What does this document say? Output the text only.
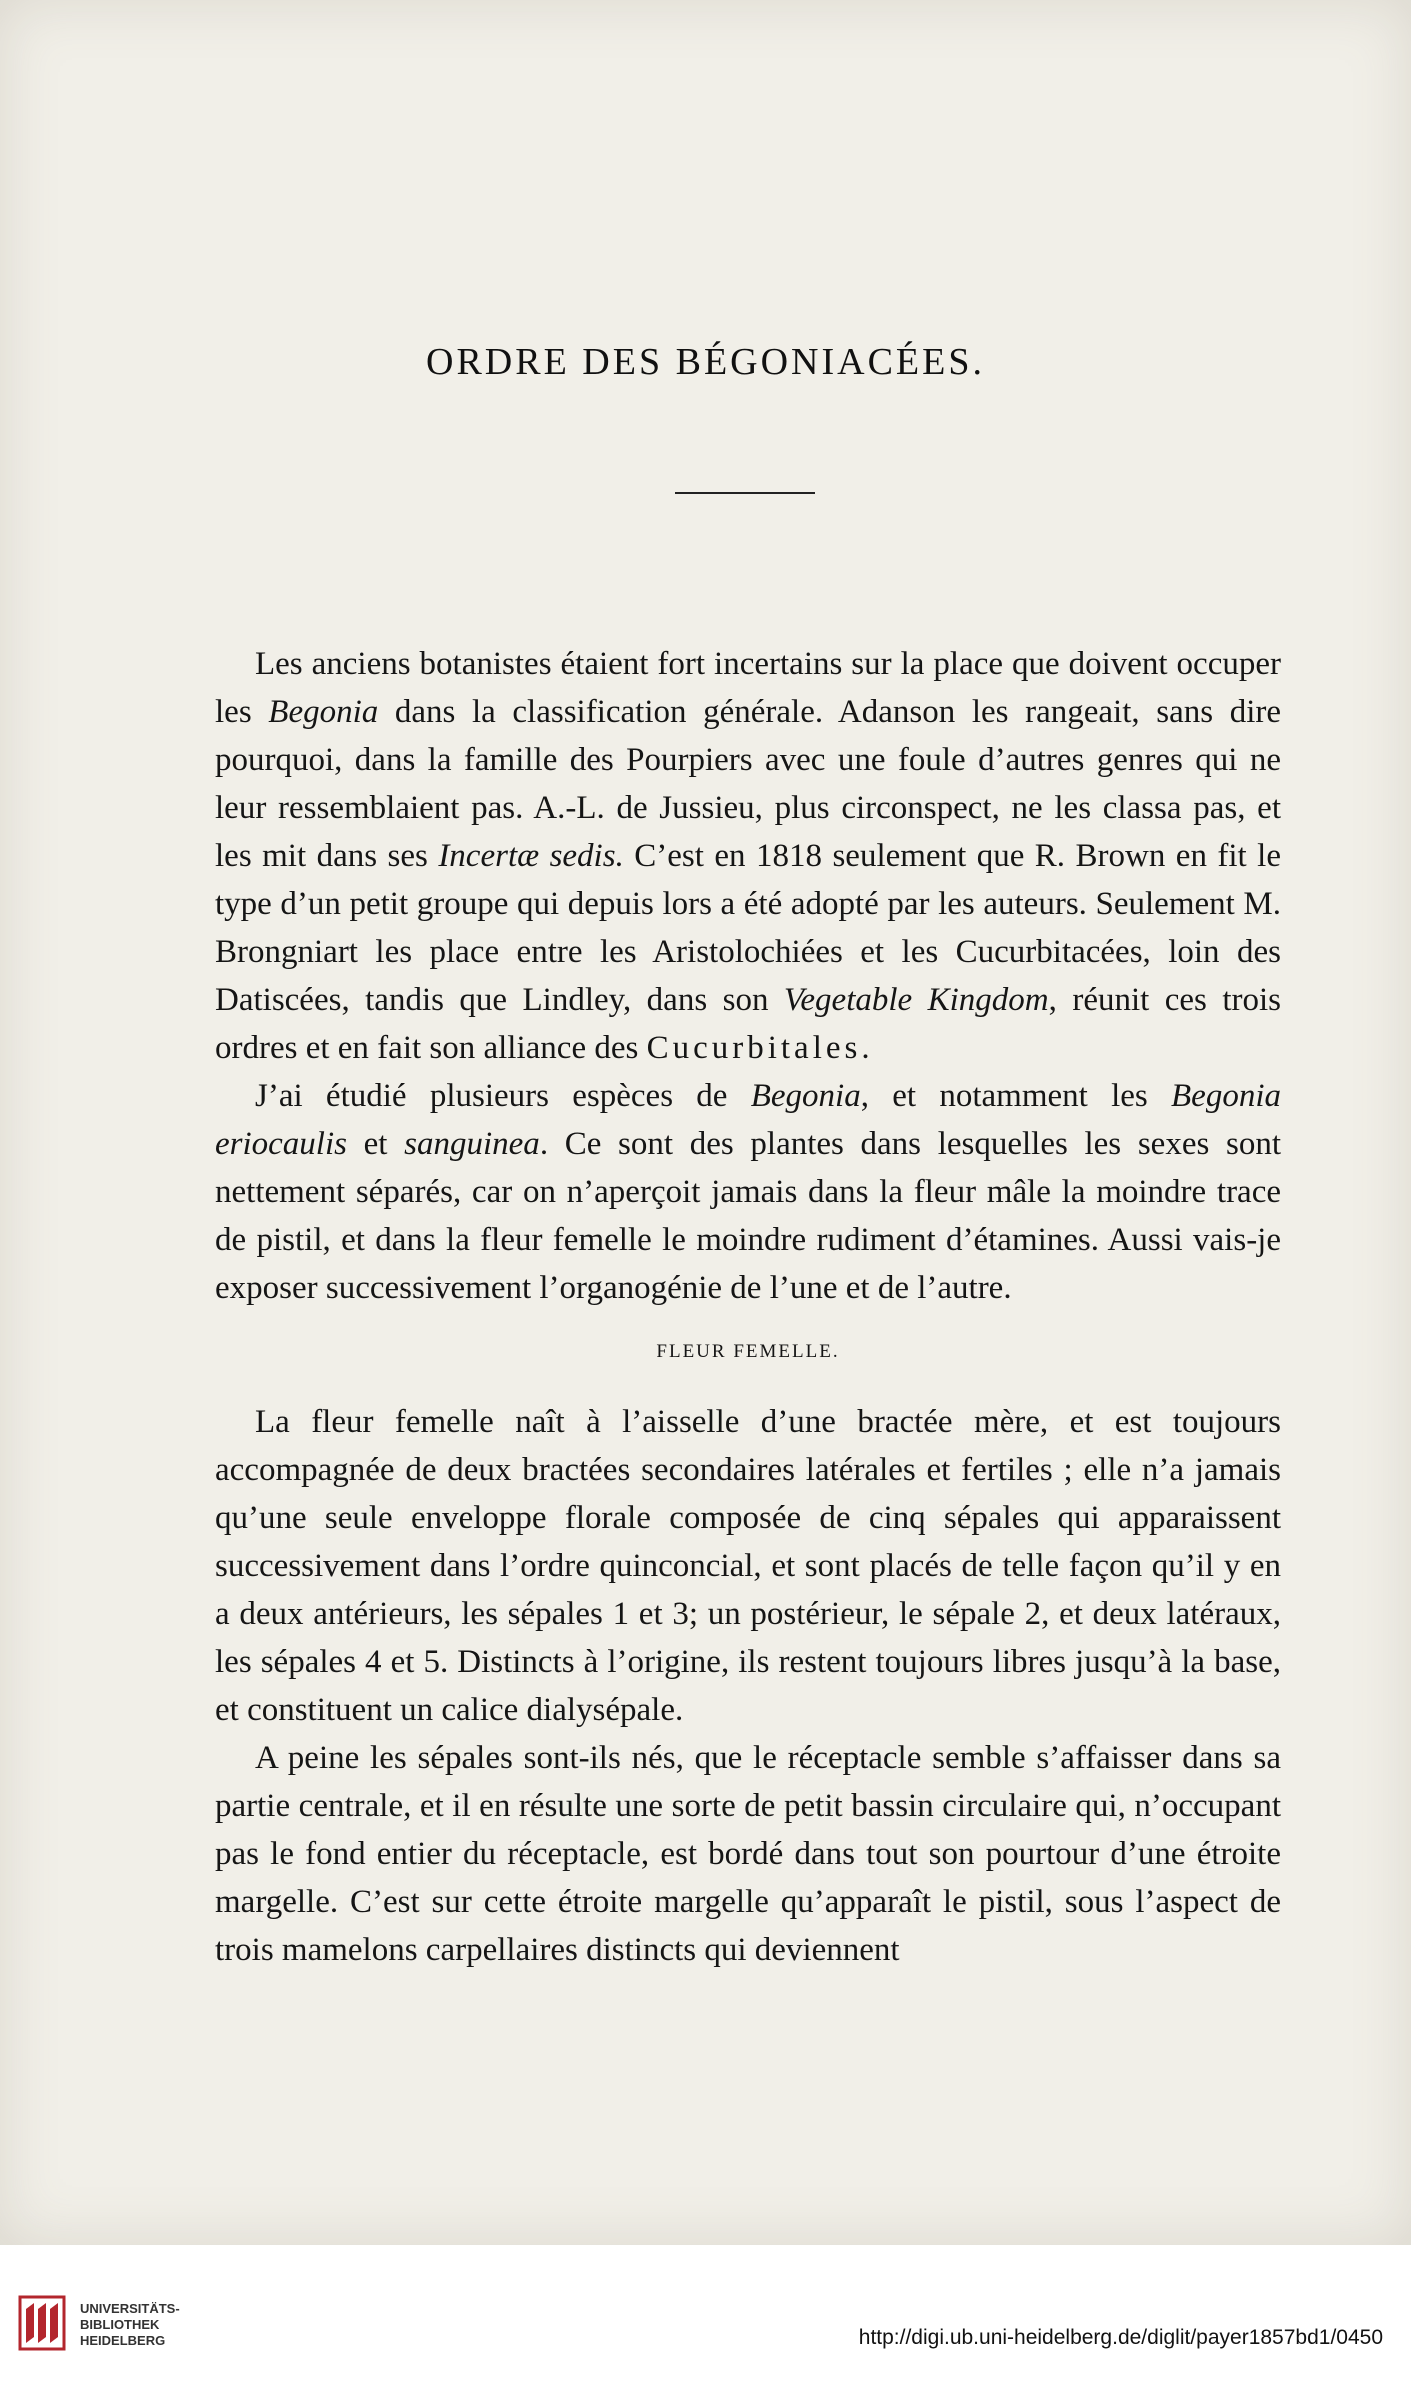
ORDRE DES BÉGONIACÉES.

Les anciens botanistes étaient fort incertains sur la place que doivent occuper les Begonia dans la classification générale. Adanson les rangeait, sans dire pourquoi, dans la famille des Pourpiers avec une foule d’autres genres qui ne leur ressemblaient pas. A.-L. de Jussieu, plus circonspect, ne les classa pas, et les mit dans ses Incertæ sedis. C’est en 1818 seulement que R. Brown en fit le type d’un petit groupe qui depuis lors a été adopté par les auteurs. Seulement M. Brongniart les place entre les Aristolochiées et les Cucurbitacées, loin des Datiscées, tandis que Lindley, dans son Vegetable Kingdom, réunit ces trois ordres et en fait son alliance des Cucurbitales.

J’ai étudié plusieurs espèces de Begonia, et notamment les Begonia eriocaulis et sanguinea. Ce sont des plantes dans lesquelles les sexes sont nettement séparés, car on n’aperçoit jamais dans la fleur mâle la moindre trace de pistil, et dans la fleur femelle le moindre rudiment d’étamines. Aussi vais-je exposer successivement l’organogénie de l’une et de l’autre.

FLEUR FEMELLE.

La fleur femelle naît à l’aisselle d’une bractée mère, et est toujours accompagnée de deux bractées secondaires latérales et fertiles ; elle n’a jamais qu’une seule enveloppe florale composée de cinq sépales qui apparaissent successivement dans l’ordre quinconcial, et sont placés de telle façon qu’il y en a deux antérieurs, les sépales 1 et 3; un postérieur, le sépale 2, et deux latéraux, les sépales 4 et 5. Distincts à l’origine, ils restent toujours libres jusqu’à la base, et constituent un calice dialysépale.

A peine les sépales sont-ils nés, que le réceptacle semble s’affaisser dans sa partie centrale, et il en résulte une sorte de petit bassin circulaire qui, n’occupant pas le fond entier du réceptacle, est bordé dans tout son pourtour d’une étroite margelle. C’est sur cette étroite margelle qu’apparaît le pistil, sous l’aspect de trois mamelons carpellaires distincts qui deviennent

UNIVERSITÄTS-
BIBLIOTHEK
HEIDELBERG	http://digi.ub.uni-heidelberg.de/diglit/payer1857bd1/0450
